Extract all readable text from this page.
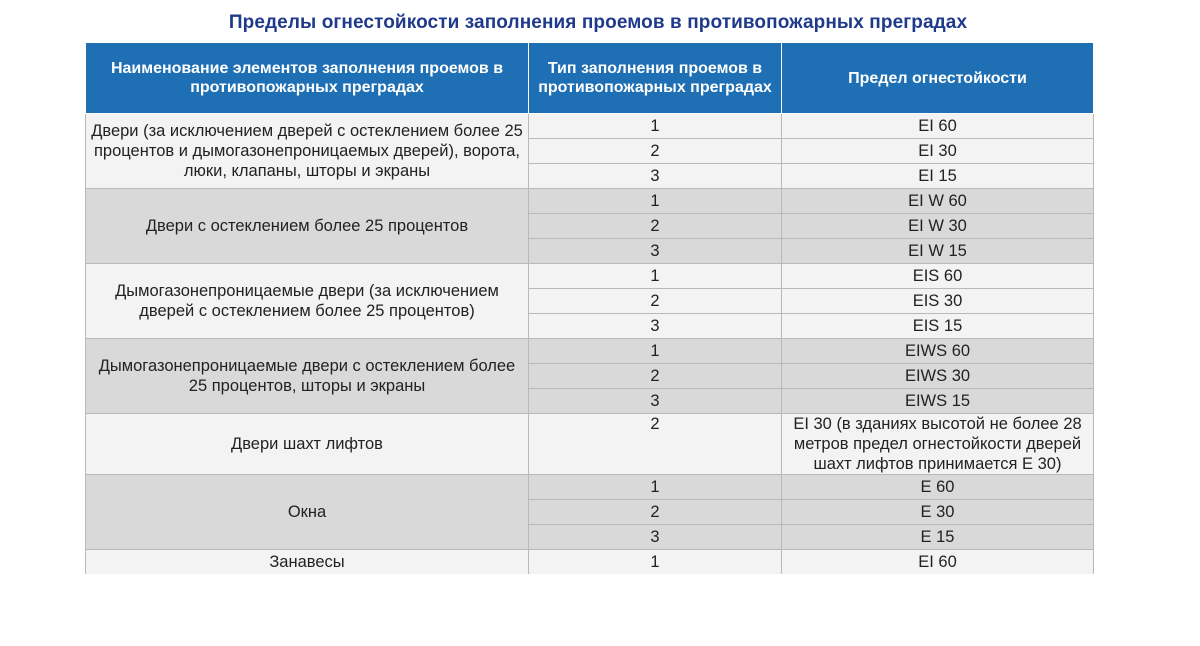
Пределы огнестойкости заполнения проемов в противопожарных преградах
Наименование элементов заполнения проемов в противопожарных преградах	Тип заполнения проемов в противопожарных преградах	Предел огнестойкости
Двери (за исключением дверей с остеклением более 25 процентов и дымогазонепроницаемых дверей), ворота, люки, клапаны, шторы и экраны	1	EI 60
	2	EI 30
	3	EI 15
Двери с остеклением более 25 процентов	1	EI W 60
	2	EI W 30
	3	EI W 15
Дымогазонепроницаемые двери (за исключением дверей с остеклением более 25 процентов)	1	EIS 60
	2	EIS 30
	3	EIS 15
Дымогазонепроницаемые двери с остеклением более 25 процентов, шторы и экраны	1	EIWS 60
	2	EIWS 30
	3	EIWS 15
Двери шахт лифтов	2	EI 30 (в зданиях высотой не более 28 метров предел огнестойкости дверей шахт лифтов принимается E 30)
Окна	1	E 60
	2	E 30
	3	E 15
Занавесы	1	EI 60
